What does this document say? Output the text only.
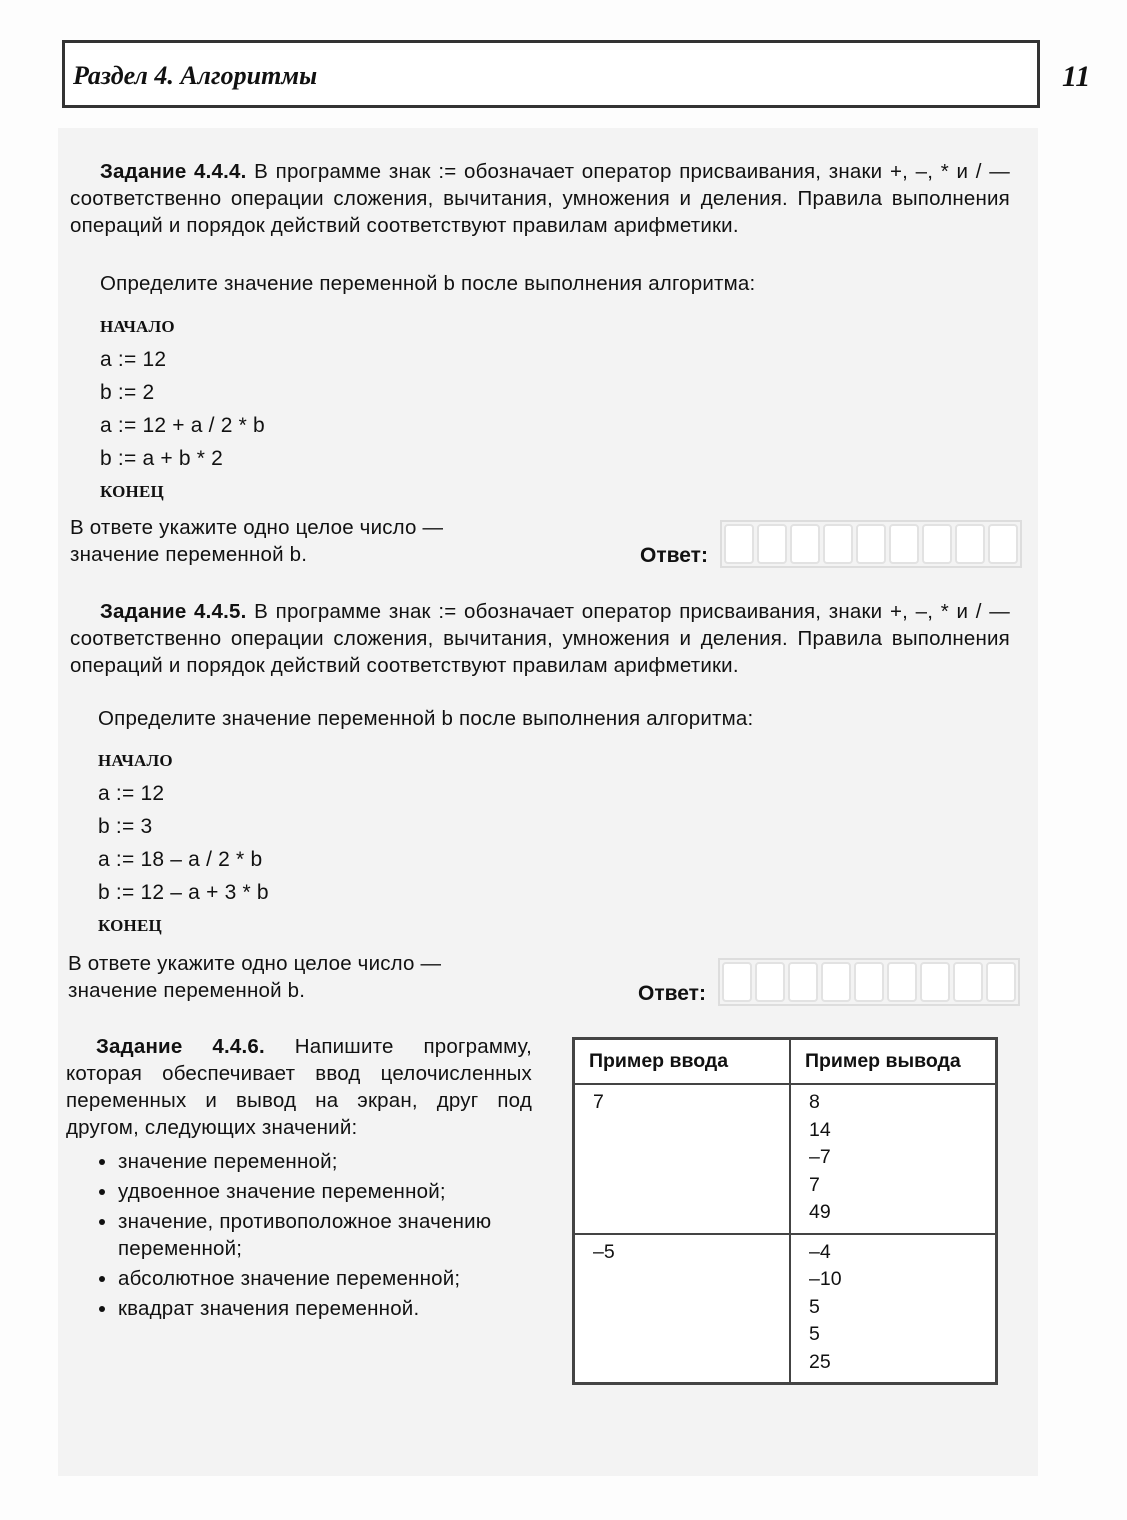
Раздел 4. Алгоритмы	11
Задание 4.4.4. В программе знак := обозначает оператор присваивания, знаки +, –, * и / — соответственно операции сложения, вычитания, умножения и деления. Правила выполнения операций и порядок действий соответствуют правилам арифметики.
Определите значение переменной b после выполнения алгоритма:
НАЧАЛО
a := 12
b := 2
a := 12 + a / 2 * b
b := a + b * 2
КОНЕЦ
В ответе укажите одно целое число —
значение переменной b.	Ответ:
Задание 4.4.5. В программе знак := обозначает оператор присваивания, знаки +, –, * и / — соответственно операции сложения, вычитания, умножения и деления. Правила выполнения операций и порядок действий соответствуют правилам арифметики.
Определите значение переменной b после выполнения алгоритма:
НАЧАЛО
a := 12
b := 3
a := 18 – a / 2 * b
b := 12 – a + 3 * b
КОНЕЦ
В ответе укажите одно целое число —
значение переменной b.	Ответ:
Задание 4.4.6. Напишите программу, которая обеспечивает ввод целочисленных переменных и вывод на экран, друг под другом, следующих значений:
• значение переменной;
• удвоенное значение переменной;
• значение, противоположное значению переменной;
• абсолютное значение переменной;
• квадрат значения переменной.
Пример ввода	Пример вывода
7	8
14
–7
7
49

–5	–4
–10
5
5
25
